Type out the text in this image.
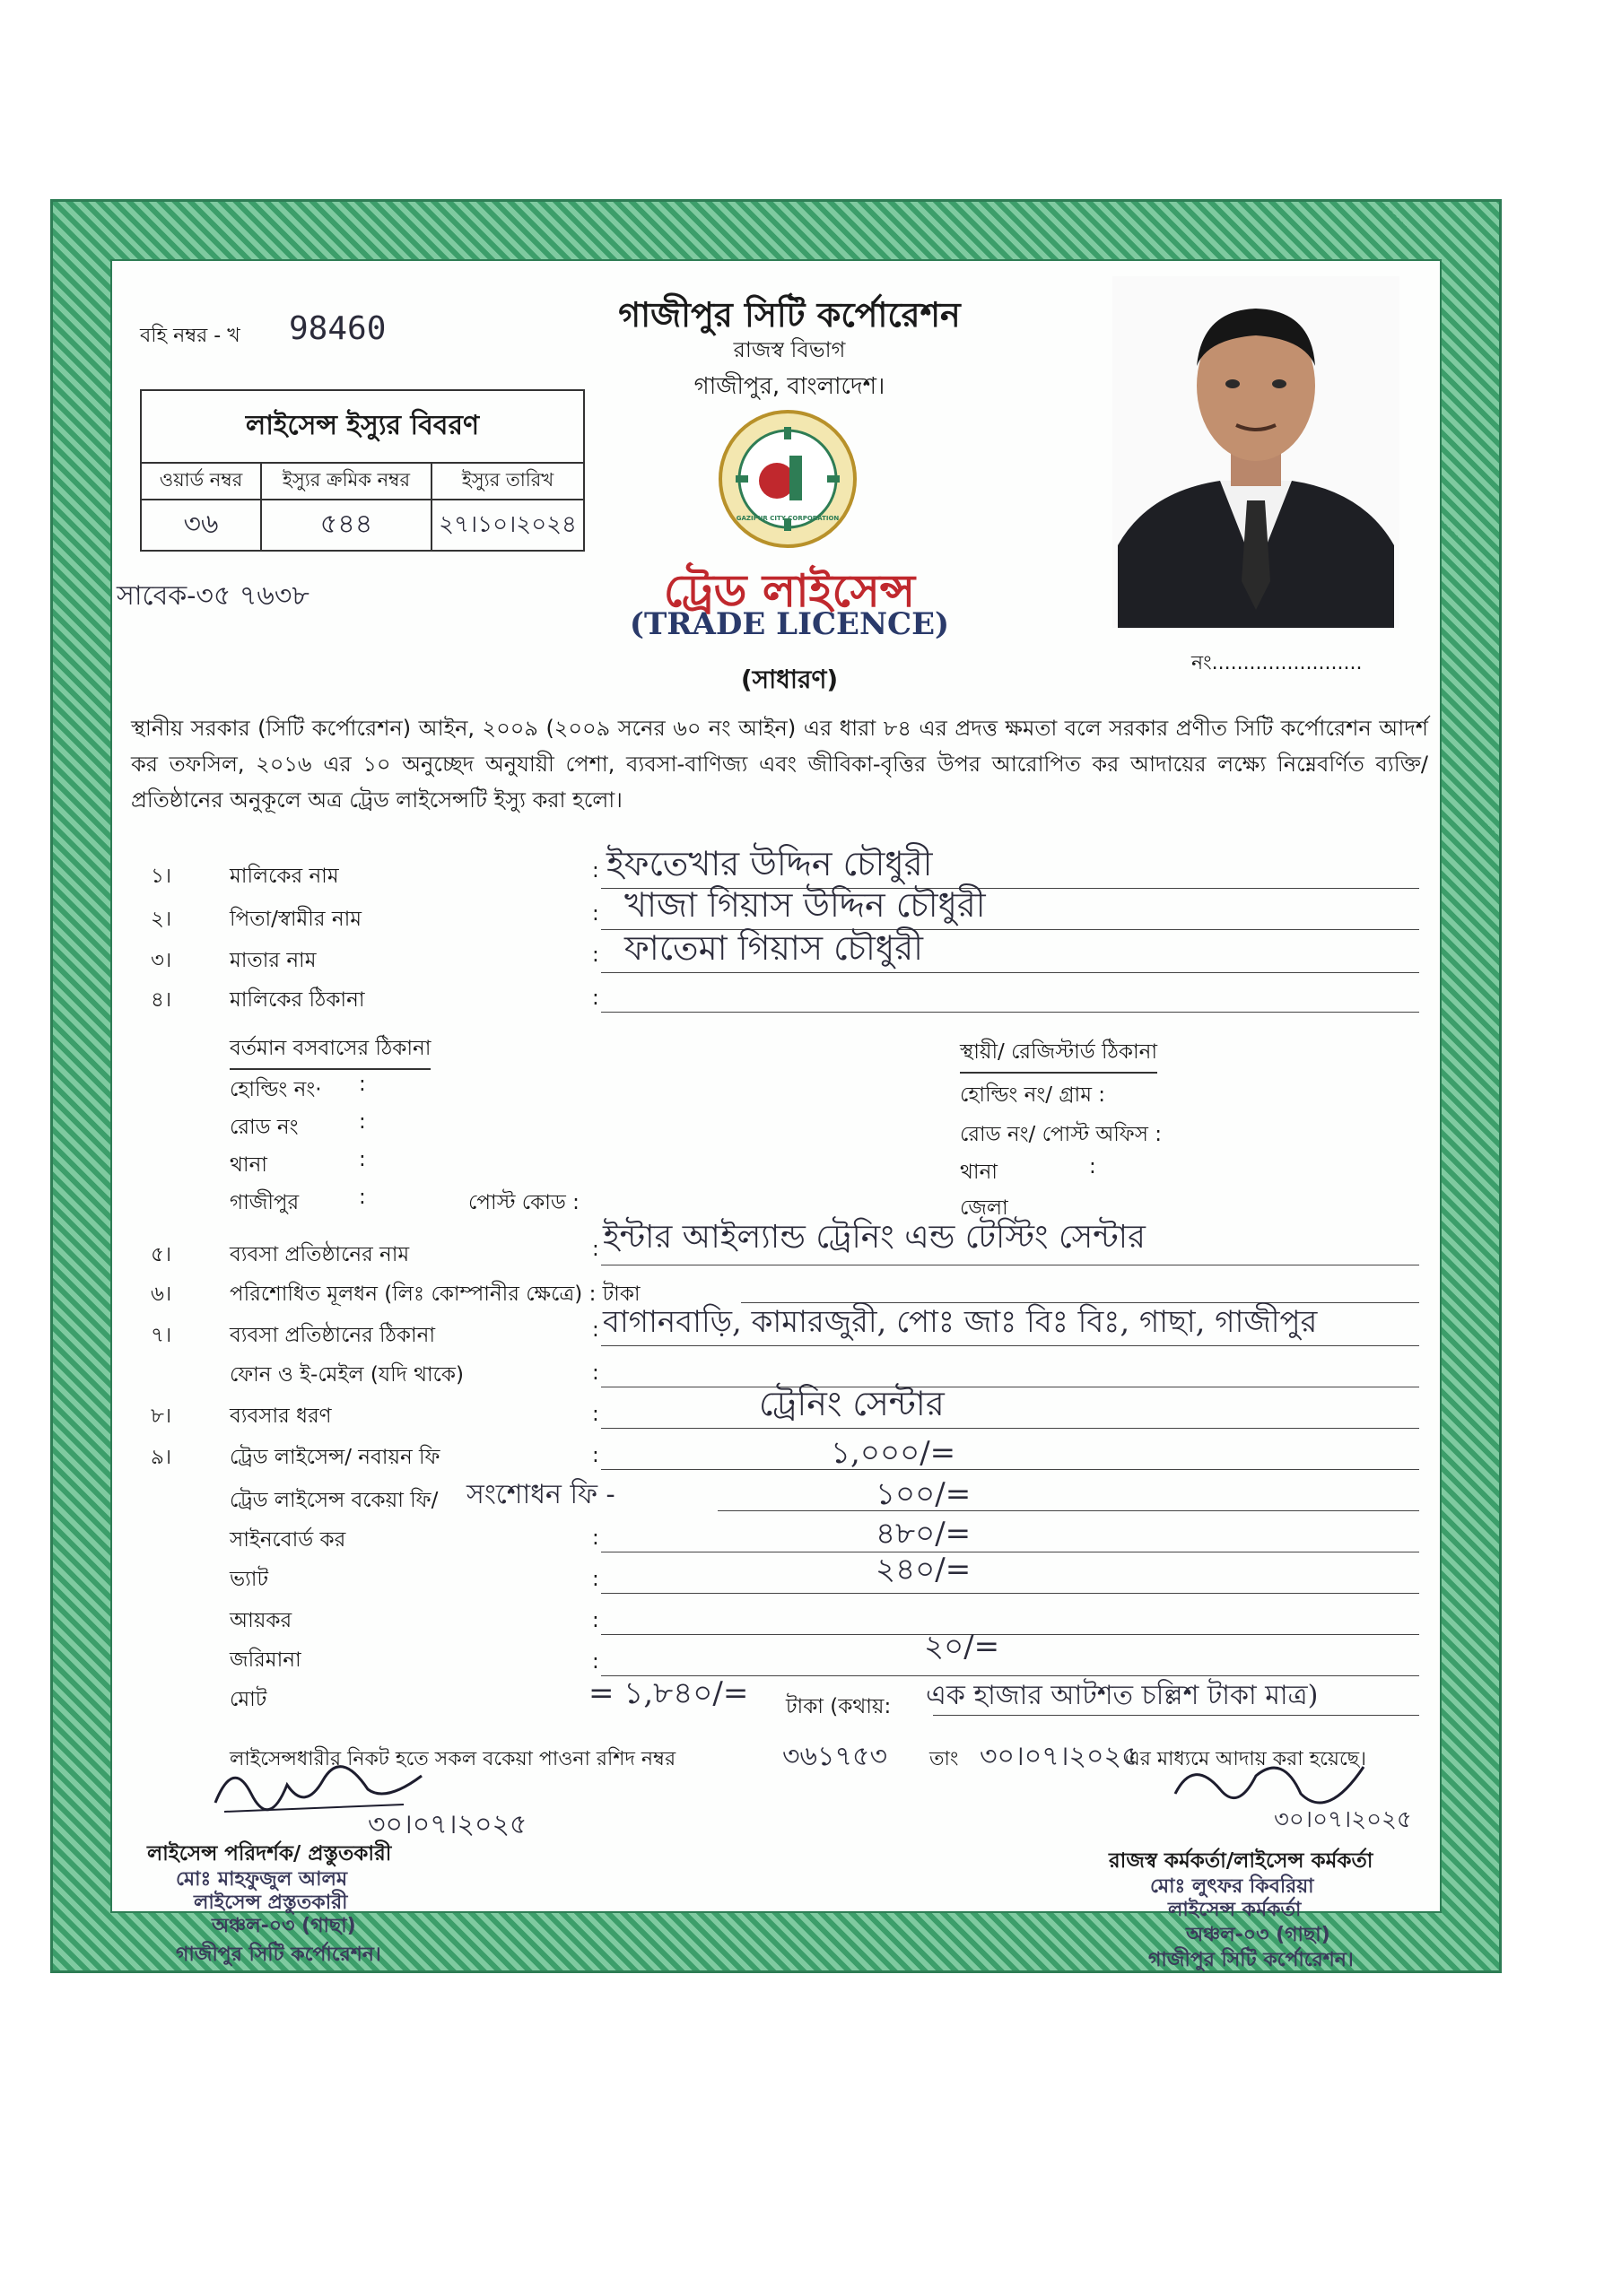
বহি নম্বর - খ 98460
লাইসেন্স ইস্যুর বিবরণ		
ওয়ার্ড নম্বর	ইস্যুর ক্রমিক নম্বর	ইস্যুর তারিখ
৩৬	৫৪৪	২৭।১০।২০২৪
সাবেক-৩৫ ৭৬৩৮
গাজীপুর সিটি কর্পোরেশন
রাজস্ব বিভাগ
গাজীপুর, বাংলাদেশ।
GAZIPUR CITY CORPORATION
ট্রেড লাইসেন্স
(TRADE LICENCE)
(সাধারণ)
নং........................
স্থানীয় সরকার (সিটি কর্পোরেশন) আইন, ২০০৯ (২০০৯ সনের ৬০ নং আইন) এর ধারা ৮৪ এর প্রদত্ত ক্ষমতা বলে সরকার প্রণীত সিটি কর্পোরেশন আদর্শ কর তফসিল, ২০১৬ এর ১০ অনুচ্ছেদ অনুযায়ী পেশা, ব্যবসা-বাণিজ্য এবং জীবিকা-বৃত্তির উপর আরোপিত কর আদায়ের লক্ষ্যে নিম্নেবর্ণিত ব্যক্তি/প্রতিষ্ঠানের অনুকূলে অত্র ট্রেড লাইসেন্সটি ইস্যু করা হলো।
১।	মালিকের নাম	: ইফতেখার উদ্দিন চৌধুরী
২।	পিতা/স্বামীর নাম	: খাজা গিয়াস উদ্দিন চৌধুরী
৩।	মাতার নাম	: ফাতেমা গিয়াস চৌধুরী
৪।	মালিকের ঠিকানা	:
বর্তমান বসবাসের ঠিকানা	স্থায়ী/ রেজিস্টার্ড ঠিকানা
হোল্ডিং নং· :
রোড নং	:
থানা	:
গাজীপুর	:	পোস্ট কোড :
হোল্ডিং নং/ গ্রাম :
রোড নং/ পোস্ট অফিস :
থানা	:
জেলা
৫।	ব্যবসা প্রতিষ্ঠানের নাম	: ইন্টার আইল্যান্ড ট্রেনিং এন্ড টেস্টিং সেন্টার
৬।	পরিশোধিত মূলধন (লিঃ কোম্পানীর ক্ষেত্রে) : টাকা
৭।	ব্যবসা প্রতিষ্ঠানের ঠিকানা	: বাগানবাড়ি, কামারজুরী, পোঃ জাঃ বিঃ বিঃ, গাছা, গাজীপুর
ফোন ও ই-মেইল (যদি থাকে)	:
৮।	ব্যবসার ধরণ	:	ট্রেনিং সেন্টার
৯।	ট্রেড লাইসেন্স/ নবায়ন ফি	:	১,০০০/=
ট্রেড লাইসেন্স বকেয়া ফি/ সংশোধন ফি -	১০০/=
সাইনবোর্ড কর	:	৪৮০/=
ভ্যাট	:	২৪০/=
আয়কর	:
জরিমানা	:	২০/=
মোট	= ১,৮৪০/= টাকা (কথায়: এক হাজার আটশত চল্লিশ টাকা মাত্র)
লাইসেন্সধারীর নিকট হতে সকল বকেয়া পাওনা রশিদ নম্বর	৩৬১৭৫৩ তাং ৩০।০৭।২০২৫
এর মাধ্যমে আদায় করা হয়েছে।
৩০।০৭।২০২৫
লাইসেন্স পরিদর্শক/ প্রস্তুতকারী
মোঃ মাহফুজুল আলম
লাইসেন্স প্রস্তুতকারী
অঞ্চল-০৩ (গাছা)
গাজীপুর সিটি কর্পোরেশন।
৩০।০৭।২০২৫
রাজস্ব কর্মকর্তা/লাইসেন্স কর্মকর্তা
মোঃ লুৎফর কিবরিয়া
লাইসেন্স কর্মকর্তা
অঞ্চল-০৩ (গাছা)
গাজীপুর সিটি কর্পোরেশন।
